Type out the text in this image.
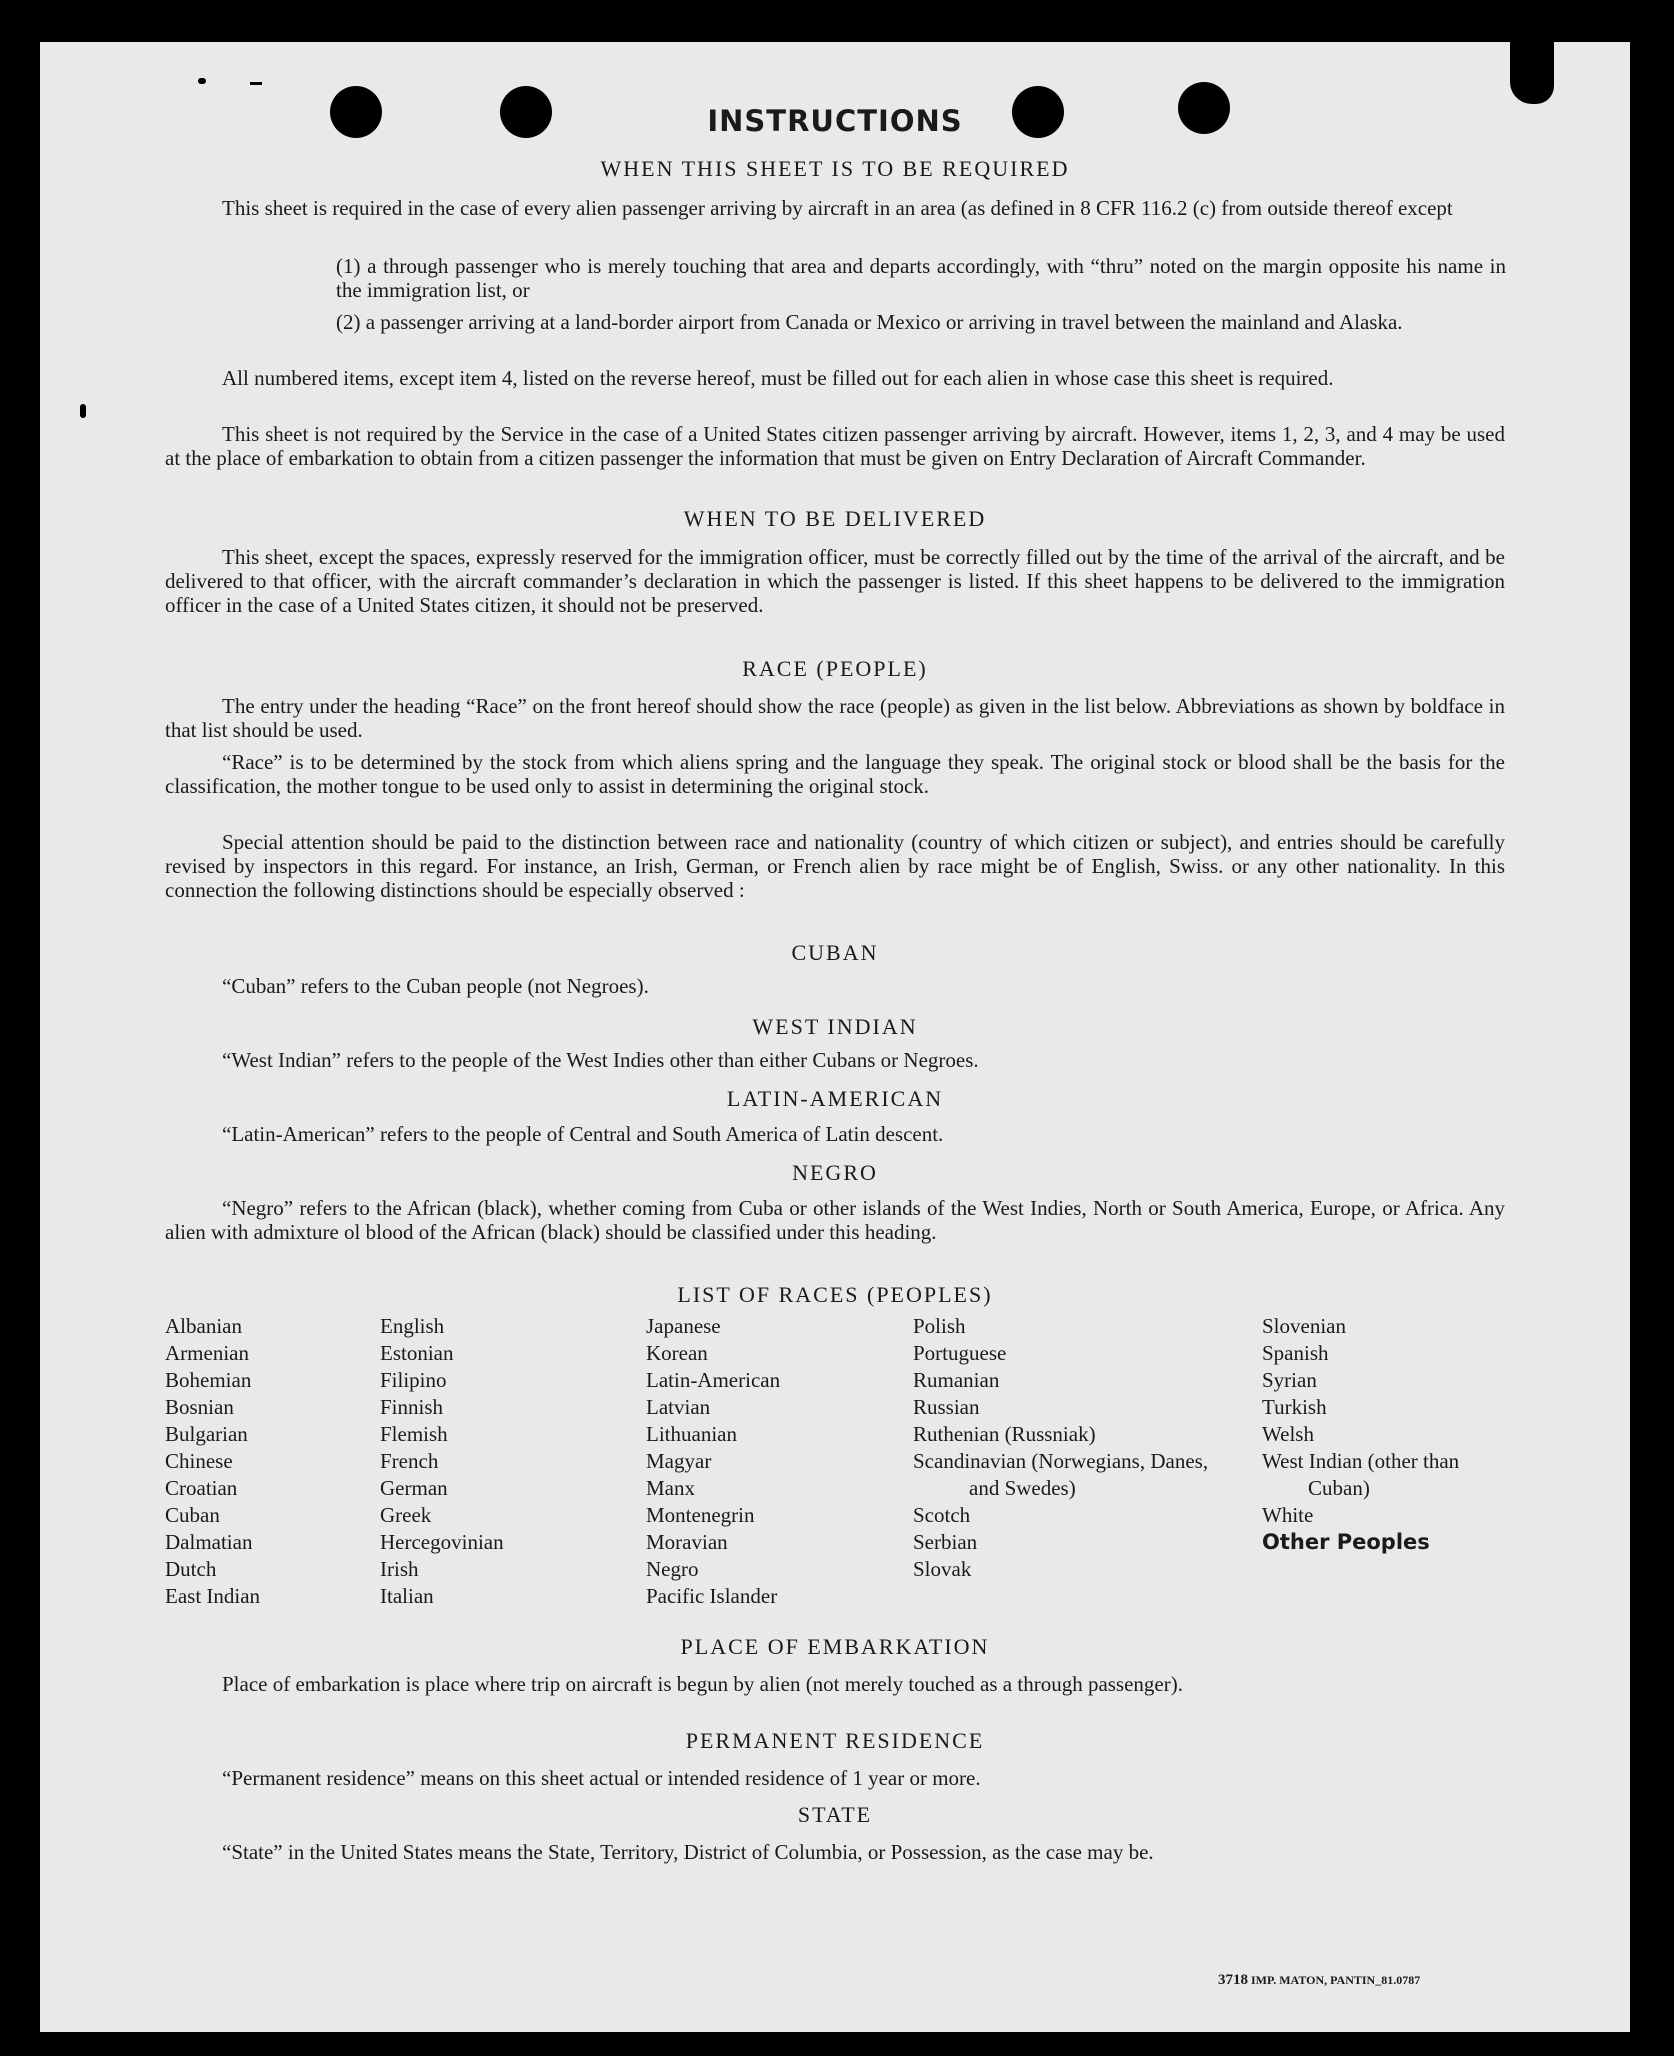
INSTRUCTIONS
WHEN THIS SHEET IS TO BE REQUIRED
This sheet is required in the case of every alien passenger arriving by aircraft in an area (as defined in 8 CFR 116.2 (c) from outside thereof except
(1) a through passenger who is merely touching that area and departs accordingly, with “thru” noted on the margin opposite his name in the immigration list, or
(2) a passenger arriving at a land-border airport from Canada or Mexico or arriving in travel between the mainland and Alaska.
All numbered items, except item 4, listed on the reverse hereof, must be filled out for each alien in whose case this sheet is required.
This sheet is not required by the Service in the case of a United States citizen passenger arriving by aircraft. However, items 1, 2, 3, and 4 may be used at the place of embarkation to obtain from a citizen passenger the information that must be given on Entry Declaration of Aircraft Commander.
WHEN TO BE DELIVERED
This sheet, except the spaces, expressly reserved for the immigration officer, must be correctly filled out by the time of the arrival of the aircraft, and be delivered to that officer, with the aircraft commander’s declaration in which the passenger is listed. If this sheet happens to be delivered to the immigration officer in the case of a United States citizen, it should not be preserved.
RACE (PEOPLE)
The entry under the heading “Race” on the front hereof should show the race (people) as given in the list below. Abbreviations as shown by boldface in that list should be used.
“Race” is to be determined by the stock from which aliens spring and the language they speak. The original stock or blood shall be the basis for the classification, the mother tongue to be used only to assist in determining the original stock.
Special attention should be paid to the distinction between race and nationality (country of which citizen or subject), and entries should be carefully revised by inspectors in this regard. For instance, an Irish, German, or French alien by race might be of English, Swiss. or any other nationality. In this connection the following distinctions should be especially observed :
CUBAN
“Cuban” refers to the Cuban people (not Negroes).
WEST INDIAN
“West Indian” refers to the people of the West Indies other than either Cubans or Negroes.
LATIN-AMERICAN
“Latin-American” refers to the people of Central and South America of Latin descent.
NEGRO
“Negro” refers to the African (black), whether coming from Cuba or other islands of the West Indies, North or South America, Europe, or Africa. Any alien with admixture ol blood of the African (black) should be classified under this heading.
LIST OF RACES (PEOPLES)
Albanian
Armenian
Bohemian
Bosnian
Bulgarian
Chinese
Croatian
Cuban
Dalmatian
Dutch
East Indian
English
Estonian
Filipino
Finnish
Flemish
French
German
Greek
Hercegovinian
Irish
Italian
Japanese
Korean
Latin-American
Latvian
Lithuanian
Magyar
Manx
Montenegrin
Moravian
Negro
Pacific Islander
Polish
Portuguese
Rumanian
Russian
Ruthenian (Russniak)
Scandinavian (Norwegians, Danes, and Swedes)
Scotch
Serbian
Slovak
Slovenian
Spanish
Syrian
Turkish
Welsh
West Indian (other than Cuban)
White
Other Peoples
PLACE OF EMBARKATION
Place of embarkation is place where trip on aircraft is begun by alien (not merely touched as a through passenger).
PERMANENT RESIDENCE
“Permanent residence” means on this sheet actual or intended residence of 1 year or more.
STATE
“State” in the United States means the State, Territory, District of Columbia, or Possession, as the case may be.
3718 IMP. MATON, PANTIN_81.0787
